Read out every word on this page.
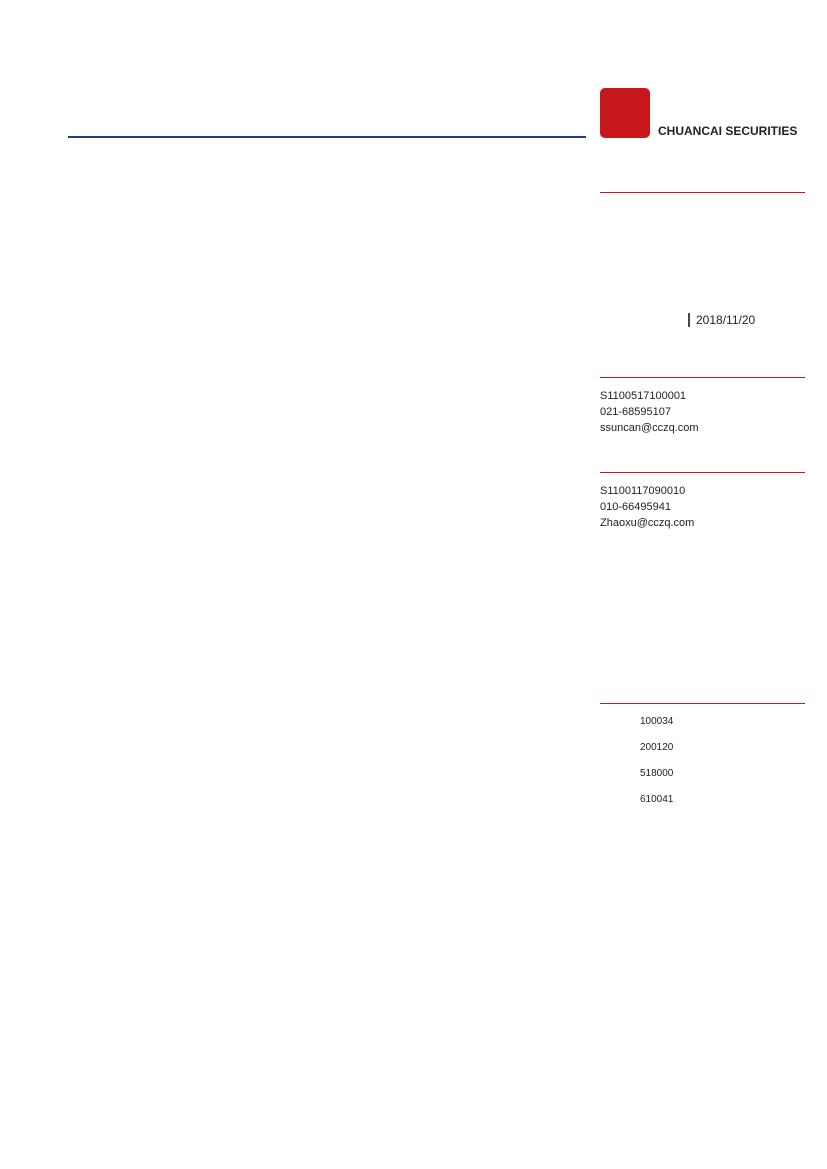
CHUANCAI SECURITIES

2018/11/20
S1100517100001
021-68595107
ssuncan@cczq.com
S1100117090010
010-66495941
Zhaoxu@cczq.com
100034
200120
518000
610041
